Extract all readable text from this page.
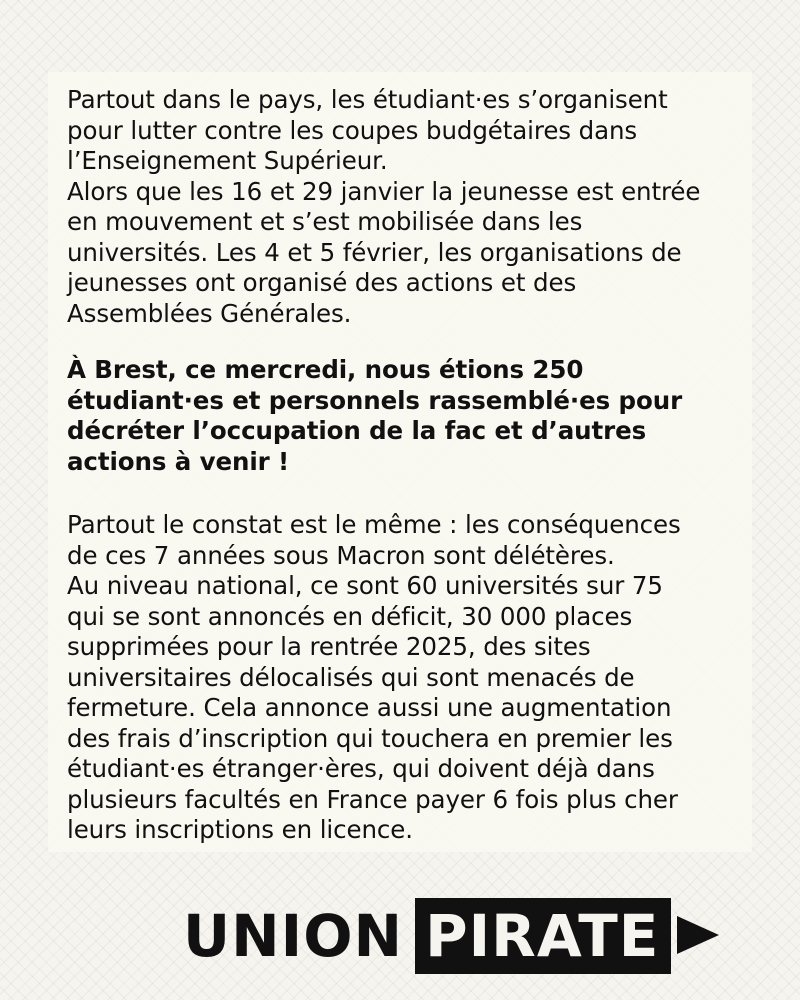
Partout dans le pays, les étudiant·es s’organisent
pour lutter contre les coupes budgétaires dans
l’Enseignement Supérieur.
Alors que les 16 et 29 janvier la jeunesse est entrée
en mouvement et s’est mobilisée dans les
universités. Les 4 et 5 février, les organisations de
jeunesses ont organisé des actions et des
Assemblées Générales.
À Brest, ce mercredi, nous étions 250
étudiant·es et personnels rassemblé·es pour
décréter l’occupation de la fac et d’autres
actions à venir !
Partout le constat est le même : les conséquences
de ces 7 années sous Macron sont délétères.
Au niveau national, ce sont 60 universités sur 75
qui se sont annoncés en déficit, 30 000 places
supprimées pour la rentrée 2025, des sites
universitaires délocalisés qui sont menacés de
fermeture. Cela annonce aussi une augmentation
des frais d’inscription qui touchera en premier les
étudiant·es étranger·ères, qui doivent déjà dans
plusieurs facultés en France payer 6 fois plus cher
leurs inscriptions en licence.
UNION PIRATE
